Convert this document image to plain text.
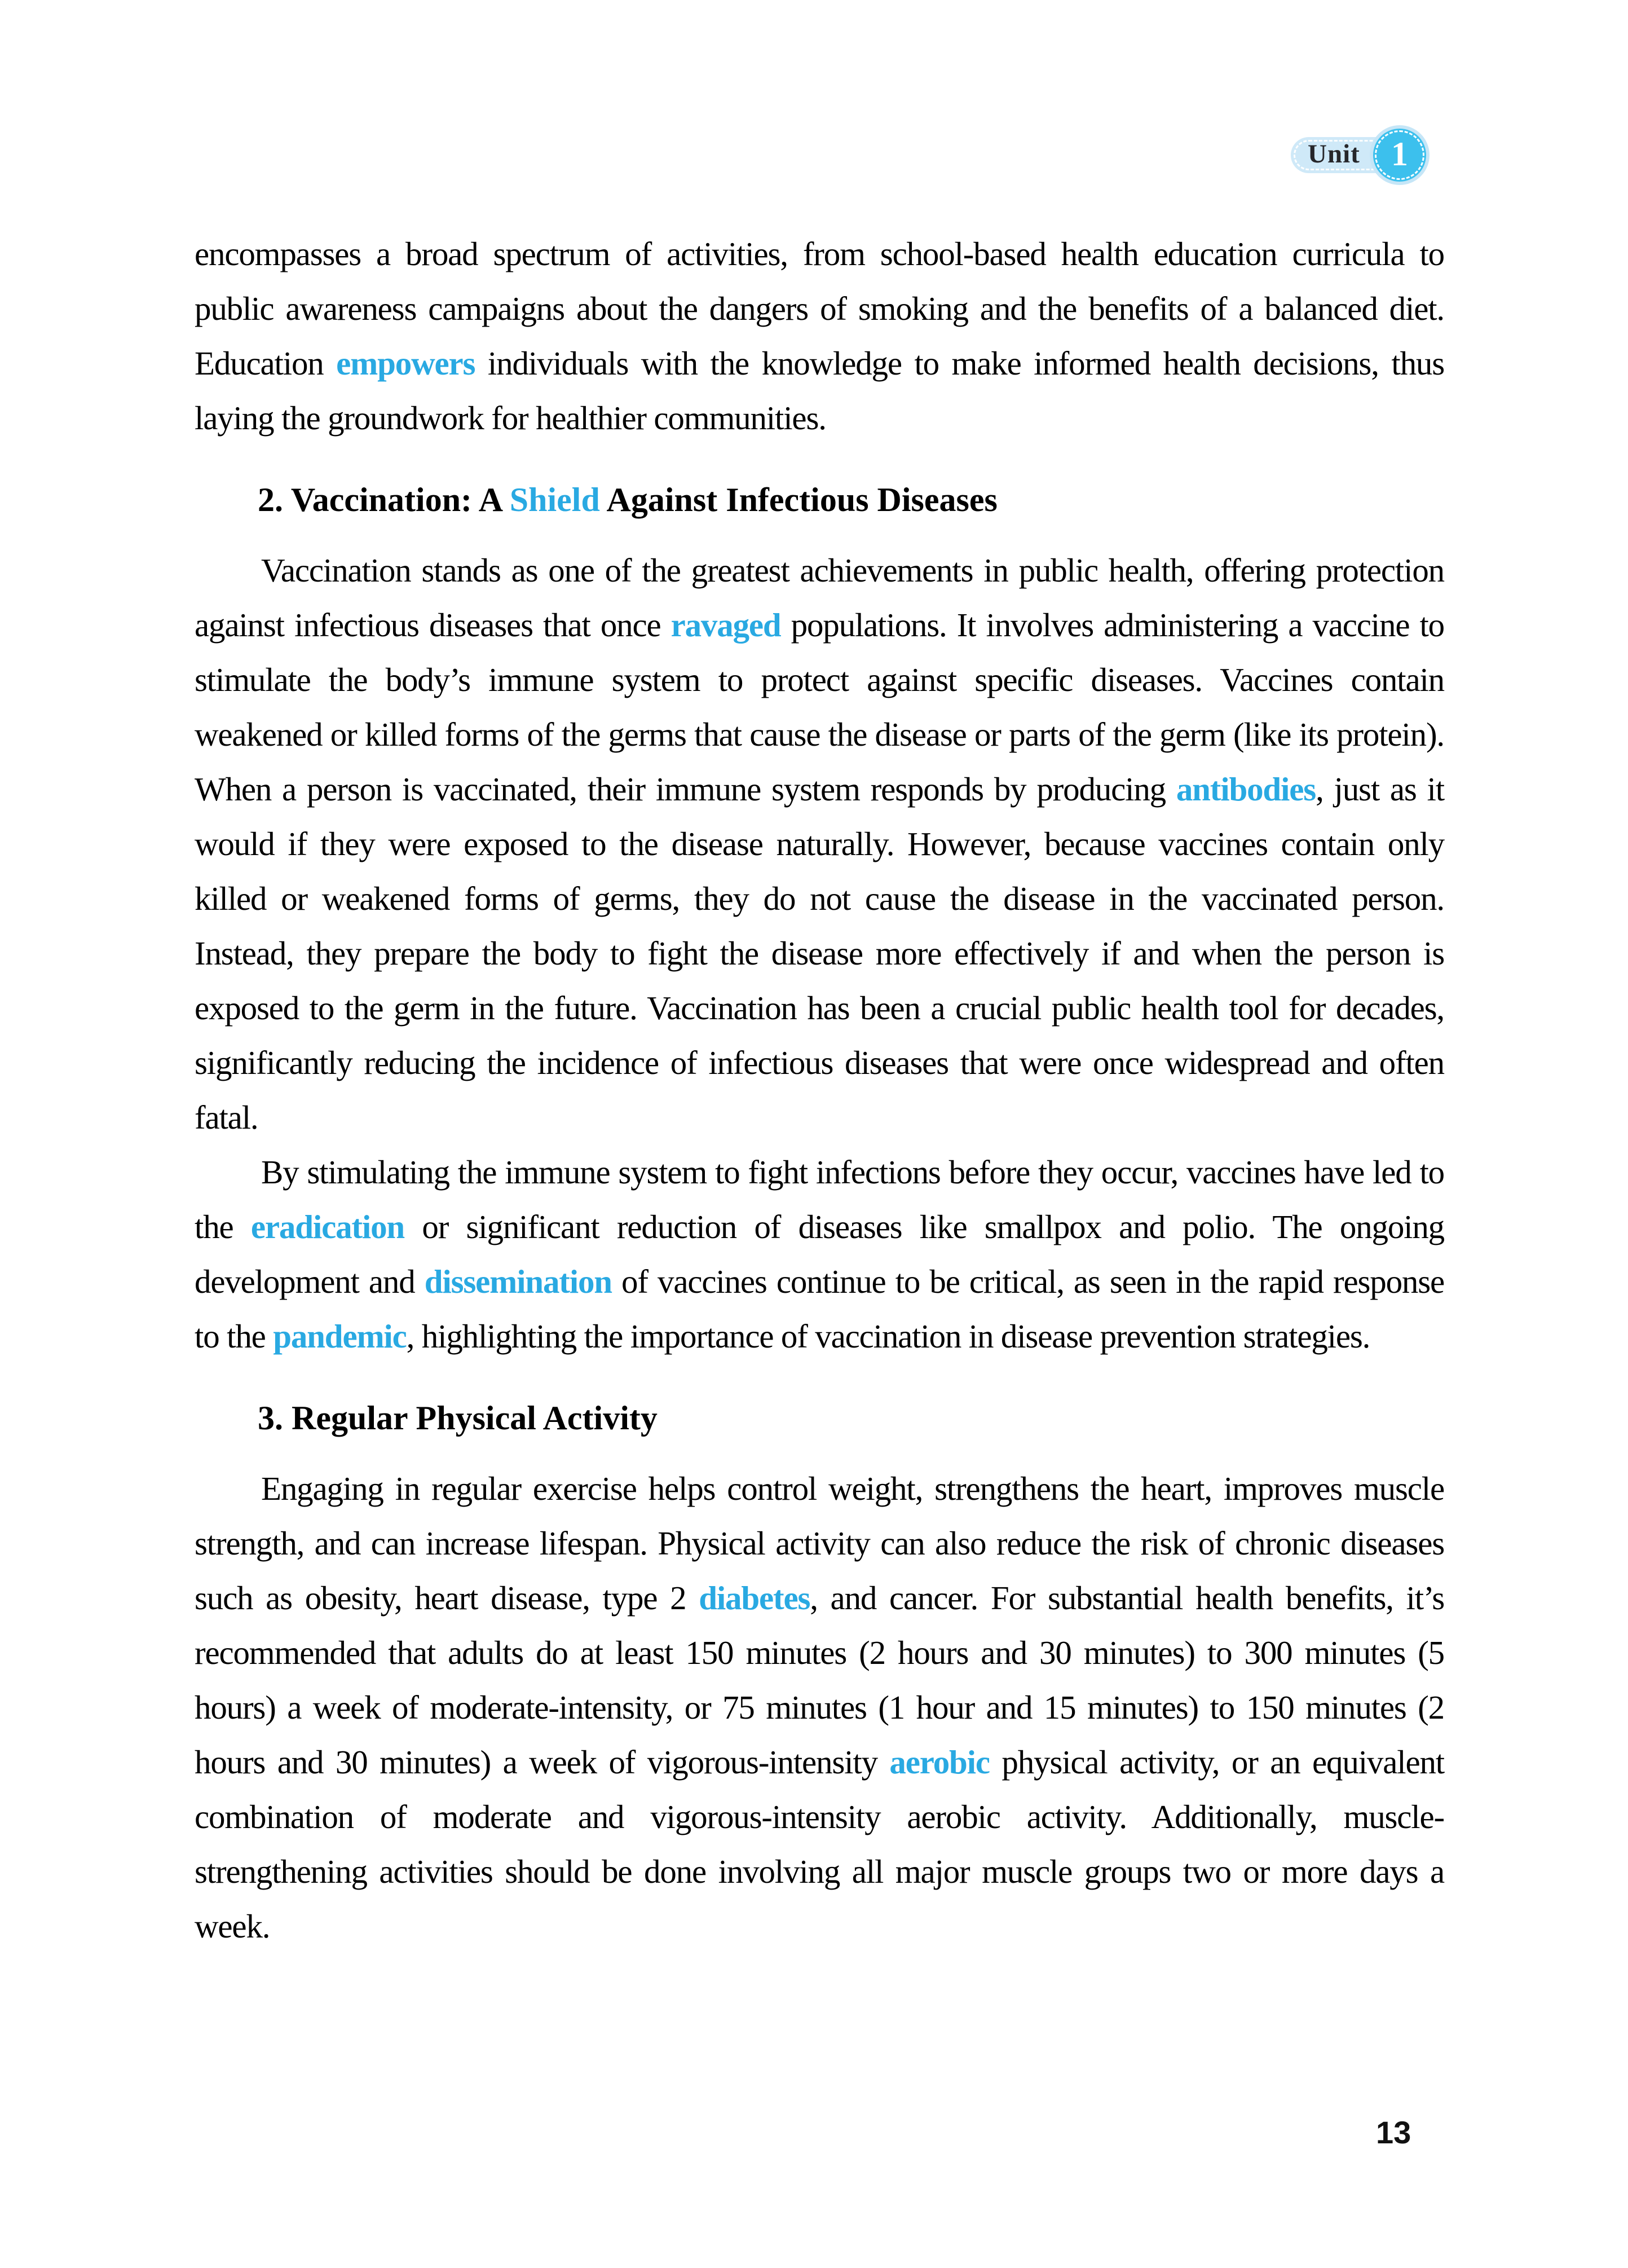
Unit 1

encompasses a broad spectrum of activities, from school-based health education curricula to public awareness campaigns about the dangers of smoking and the benefits of a balanced diet. Education empowers individuals with the knowledge to make informed health decisions, thus laying the groundwork for healthier communities.

2. Vaccination: A Shield Against Infectious Diseases

Vaccination stands as one of the greatest achievements in public health, offering protection against infectious diseases that once ravaged populations. It involves administering a vaccine to stimulate the body’s immune system to protect against specific diseases. Vaccines contain weakened or killed forms of the germs that cause the disease or parts of the germ (like its protein). When a person is vaccinated, their immune system responds by producing antibodies, just as it would if they were exposed to the disease naturally. However, because vaccines contain only killed or weakened forms of germs, they do not cause the disease in the vaccinated person. Instead, they prepare the body to fight the disease more effectively if and when the person is exposed to the germ in the future. Vaccination has been a crucial public health tool for decades, significantly reducing the incidence of infectious diseases that were once widespread and often fatal.

By stimulating the immune system to fight infections before they occur, vaccines have led to the eradication or significant reduction of diseases like smallpox and polio. The ongoing development and dissemination of vaccines continue to be critical, as seen in the rapid response to the pandemic, highlighting the importance of vaccination in disease prevention strategies.

3. Regular Physical Activity

Engaging in regular exercise helps control weight, strengthens the heart, improves muscle strength, and can increase lifespan. Physical activity can also reduce the risk of chronic diseases such as obesity, heart disease, type 2 diabetes, and cancer. For substantial health benefits, it’s recommended that adults do at least 150 minutes (2 hours and 30 minutes) to 300 minutes (5 hours) a week of moderate-intensity, or 75 minutes (1 hour and 15 minutes) to 150 minutes (2 hours and 30 minutes) a week of vigorous-intensity aerobic physical activity, or an equivalent combination of moderate and vigorous-intensity aerobic activity. Additionally, muscle-strengthening activities should be done involving all major muscle groups two or more days a week.

13
